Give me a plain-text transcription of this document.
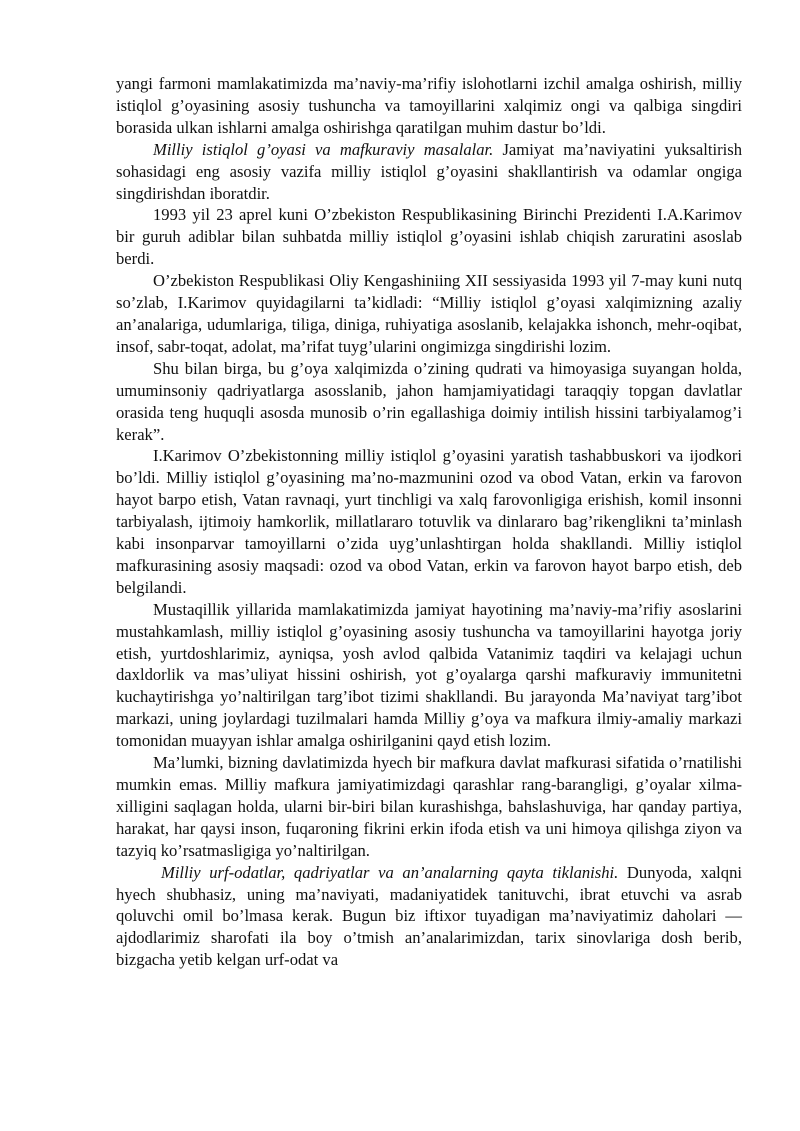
yangi farmoni mamlakatimizda ma’naviy-ma’rifiy islohotlarni izchil amalga oshirish, milliy istiqlol g’oyasining asosiy tushuncha va tamoyillarini xalqimiz ongi va qalbiga singdiri borasida ulkan ishlarni amalga oshirishga qaratilgan muhim dastur bo’ldi.

Milliy istiqlol g’oyasi va mafkuraviy masalalar. Jamiyat ma’naviyatini yuksaltirish sohasidagi eng asosiy vazifa milliy istiqlol g’oyasini shakllantirish va odamlar ongiga singdirishdan iboratdir.

1993 yil 23 aprel kuni O’zbekiston Respublikasining Birinchi Prezidenti I.A.Karimov bir guruh adiblar bilan suhbatda milliy istiqlol g’oyasini ishlab chiqish zaruratini asoslab berdi.

O’zbekiston Respublikasi Oliy Kengashiniing XII sessiyasida 1993 yil 7-may kuni nutq so’zlab, I.Karimov quyidagilarni ta’kidladi: “Milliy istiqlol g’oyasi xalqimizning azaliy an’analariga, udumlariga, tiliga, diniga, ruhiyatiga asoslanib, kelajakka ishonch, mehr-oqibat, insof, sabr-toqat, adolat, ma’rifat tuyg’ularini ongimizga singdirishi lozim.

Shu bilan birga, bu g’oya xalqimizda o’zining qudrati va himoyasiga suyangan holda, umuminsoniy qadriyatlarga asosslanib, jahon hamjamiyatidagi taraqqiy topgan davlatlar orasida teng huquqli asosda munosib o’rin egallashiga doimiy intilish hissini tarbiyalamog’i kerak”.

I.Karimov O’zbekistonning milliy istiqlol g’oyasini yaratish tashabbuskori va ijodkori bo’ldi. Milliy istiqlol g’oyasining ma’no-mazmunini ozod va obod Vatan, erkin va farovon hayot barpo etish, Vatan ravnaqi, yurt tinchligi va xalq farovonligiga erishish, komil insonni tarbiyalash, ijtimoiy hamkorlik, millatlararo totuvlik va dinlararo bag’rikenglikni ta’minlash kabi insonparvar tamoyillarni o’zida uyg’unlashtirgan holda shakllandi. Milliy istiqlol mafkurasining asosiy maqsadi: ozod va obod Vatan, erkin va farovon hayot barpo etish, deb belgilandi.

Mustaqillik yillarida mamlakatimizda jamiyat hayotining ma’naviy-ma’rifiy asoslarini mustahkamlash, milliy istiqlol g’oyasining asosiy tushuncha va tamoyillarini hayotga joriy etish, yurtdoshlarimiz, ayniqsa, yosh avlod qalbida Vatanimiz taqdiri va kelajagi uchun daxldorlik va mas’uliyat hissini oshirish, yot g’oyalarga qarshi mafkuraviy immunitetni kuchaytirishga yo’naltirilgan targ’ibot tizimi shakllandi. Bu jarayonda Ma’naviyat targ’ibot markazi, uning joylardagi tuzilmalari hamda Milliy g’oya va mafkura ilmiy-amaliy markazi tomonidan muayyan ishlar amalga oshirilganini qayd etish lozim.

Ma’lumki, bizning davlatimizda hyech bir mafkura davlat mafkurasi sifatida o’rnatilishi mumkin emas. Milliy mafkura jamiyatimizdagi qarashlar rang-barangligi, g’oyalar xilma-xilligini saqlagan holda, ularni bir-biri bilan kurashishga, bahslashuviga, har qanday partiya, harakat, har qaysi inson, fuqaroning fikrini erkin ifoda etish va uni himoya qilishga ziyon va tazyiq ko’rsatmasligiga yo’naltirilgan.

Milliy urf-odatlar, qadriyatlar va an’analarning qayta tiklanishi. Dunyoda, xalqni hyech shubhasiz, uning ma’naviyati, madaniyatidek tanituvchi, ibrat etuvchi va asrab qoluvchi omil bo’lmasa kerak. Bugun biz iftixor tuyadigan ma’naviyatimiz daholari — ajdodlarimiz sharofati ila boy o’tmish an’analarimizdan, tarix sinovlariga dosh berib, bizgacha yetib kelgan urf-odat va
